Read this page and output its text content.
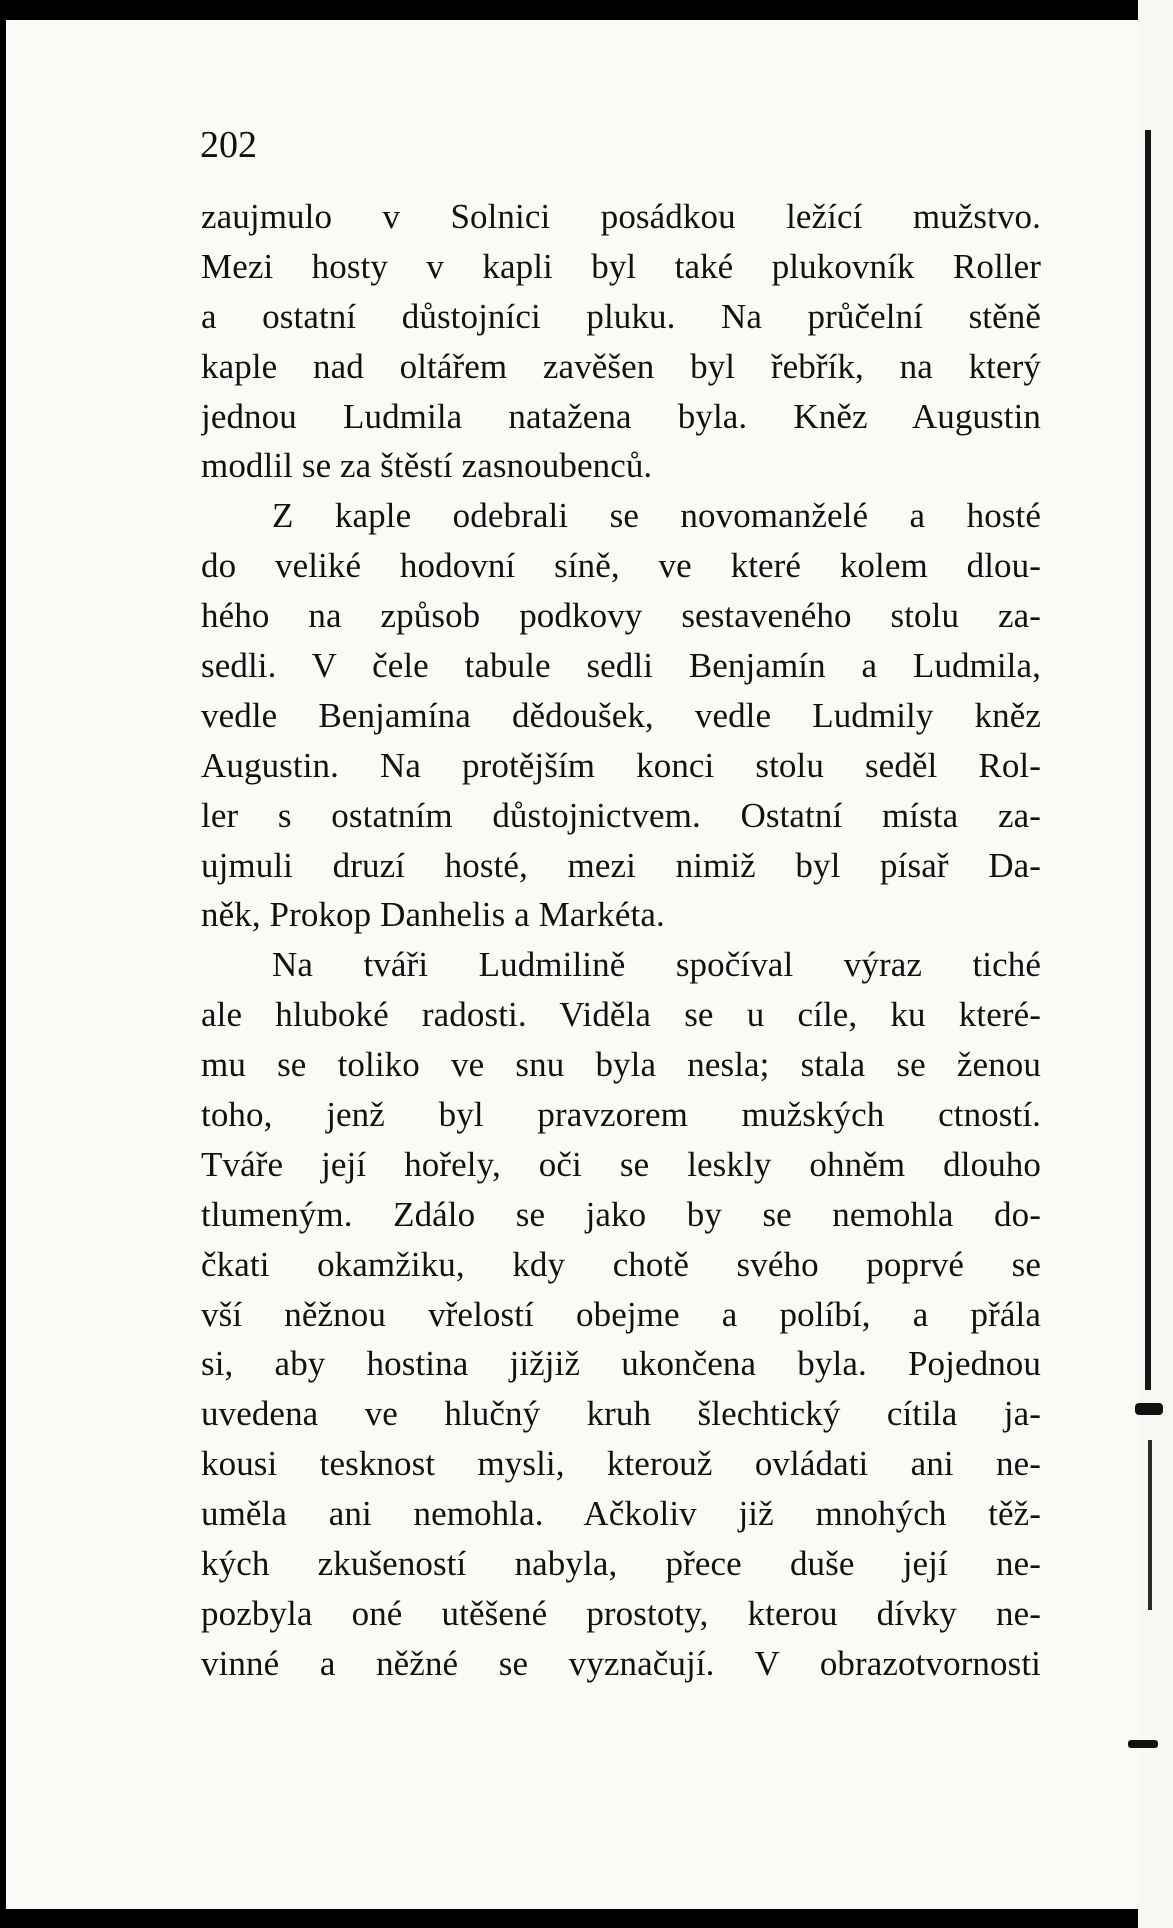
202

zaujmulo v Solnici posádkou ležící mužstvo.
Mezi hosty v kapli byl také plukovník Roller
a ostatní důstojníci pluku. Na průčelní stěně
kaple nad oltářem zavěšen byl řebřík, na který
jednou Ludmila natažena byla. Kněz Augustin
modlil se za štěstí zasnoubenců.
Z kaple odebrali se novomanželé a hosté
do veliké hodovní síně, ve které kolem dlou-
hého na způsob podkovy sestaveného stolu za-
sedli. V čele tabule sedli Benjamín a Ludmila,
vedle Benjamína dědoušek, vedle Ludmily kněz
Augustin. Na protějším konci stolu seděl Rol-
ler s ostatním důstojnictvem. Ostatní místa za-
ujmuli druzí hosté, mezi nimiž byl písař Da-
něk, Prokop Danhelis a Markéta.
Na tváři Ludmilině spočíval výraz tiché
ale hluboké radosti. Viděla se u cíle, ku které-
mu se toliko ve snu byla nesla; stala se ženou
toho, jenž byl pravzorem mužských ctností.
Tváře její hořely, oči se leskly ohněm dlouho
tlumeným. Zdálo se jako by se nemohla do-
čkati okamžiku, kdy chotě svého poprvé se
vší něžnou vřelostí obejme a políbí, a přála
si, aby hostina jižjiž ukončena byla. Pojednou
uvedena ve hlučný kruh šlechtický cítila ja-
kousi tesknost mysli, kterouž ovládati ani ne-
uměla ani nemohla. Ačkoliv již mnohých těž-
kých zkušeností nabyla, přece duše její ne-
pozbyla oné utěšené prostoty, kterou dívky ne-
vinné a něžné se vyznačují. V obrazotvornosti
